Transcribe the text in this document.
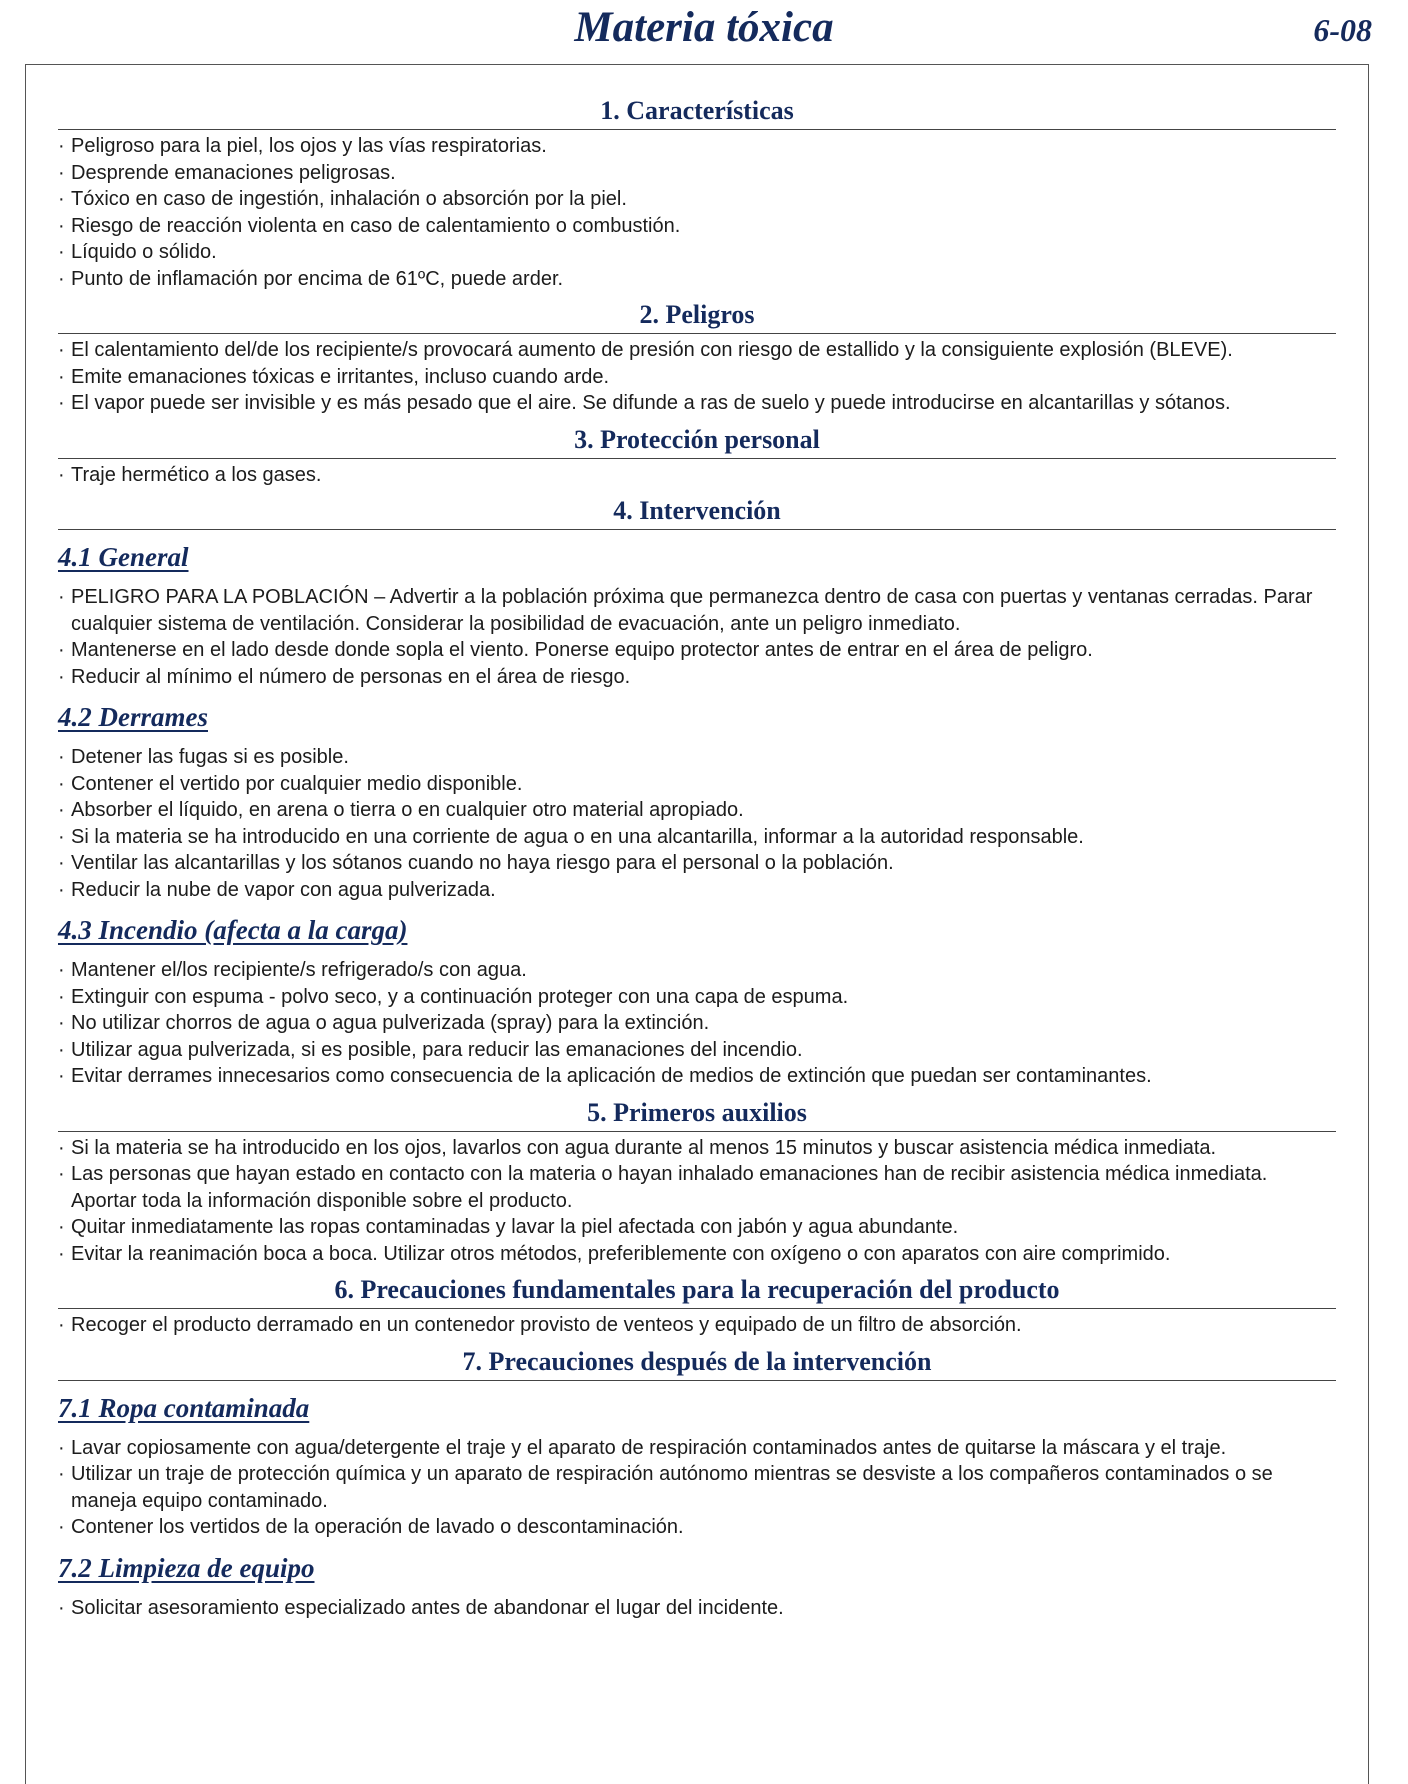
Materia tóxica	6-08
1. Características
· Peligroso para la piel, los ojos y las vías respiratorias.
· Desprende emanaciones peligrosas.
· Tóxico en caso de ingestión, inhalación o absorción por la piel.
· Riesgo de reacción violenta en caso de calentamiento o combustión.
· Líquido o sólido.
· Punto de inflamación por encima de 61ºC, puede arder.
2. Peligros
· El calentamiento del/de los recipiente/s provocará aumento de presión con riesgo de estallido y la consiguiente explosión (BLEVE).
· Emite emanaciones tóxicas e irritantes, incluso cuando arde.
· El vapor puede ser invisible y es más pesado que el aire. Se difunde a ras de suelo y puede introducirse en alcantarillas y sótanos.
3. Protección personal
· Traje hermético a los gases.
4. Intervención
4.1 General
· PELIGRO PARA LA POBLACIÓN – Advertir a la población próxima que permanezca dentro de casa con puertas y ventanas cerradas. Parar cualquier sistema de ventilación. Considerar la posibilidad de evacuación, ante un peligro inmediato.
· Mantenerse en el lado desde donde sopla el viento. Ponerse equipo protector antes de entrar en el área de peligro.
· Reducir al mínimo el número de personas en el área de riesgo.
4.2 Derrames
· Detener las fugas si es posible.
· Contener el vertido por cualquier medio disponible.
· Absorber el líquido, en arena o tierra o en cualquier otro material apropiado.
· Si la materia se ha introducido en una corriente de agua o en una alcantarilla, informar a la autoridad responsable.
· Ventilar las alcantarillas y los sótanos cuando no haya riesgo para el personal o la población.
· Reducir la nube de vapor con agua pulverizada.
4.3 Incendio (afecta a la carga)
· Mantener el/los recipiente/s refrigerado/s con agua.
· Extinguir con espuma - polvo seco, y a continuación proteger con una capa de espuma.
· No utilizar chorros de agua o agua pulverizada (spray) para la extinción.
· Utilizar agua pulverizada, si es posible, para reducir las emanaciones del incendio.
· Evitar derrames innecesarios como consecuencia de la aplicación de medios de extinción que puedan ser contaminantes.
5. Primeros auxilios
· Si la materia se ha introducido en los ojos, lavarlos con agua durante al menos 15 minutos y buscar asistencia médica inmediata.
· Las personas que hayan estado en contacto con la materia o hayan inhalado emanaciones han de recibir asistencia médica inmediata. Aportar toda la información disponible sobre el producto.
· Quitar inmediatamente las ropas contaminadas y lavar la piel afectada con jabón y agua abundante.
· Evitar la reanimación boca a boca. Utilizar otros métodos, preferiblemente con oxígeno o con aparatos con aire comprimido.
6. Precauciones fundamentales para la recuperación del producto
· Recoger el producto derramado en un contenedor provisto de venteos y equipado de un filtro de absorción.
7. Precauciones después de la intervención
7.1 Ropa contaminada
· Lavar copiosamente con agua/detergente el traje y el aparato de respiración contaminados antes de quitarse la máscara y el traje.
· Utilizar un traje de protección química y un aparato de respiración autónomo mientras se desviste a los compañeros contaminados o se maneja equipo contaminado.
· Contener los vertidos de la operación de lavado o descontaminación.
7.2 Limpieza de equipo
· Solicitar asesoramiento especializado antes de abandonar el lugar del incidente.
